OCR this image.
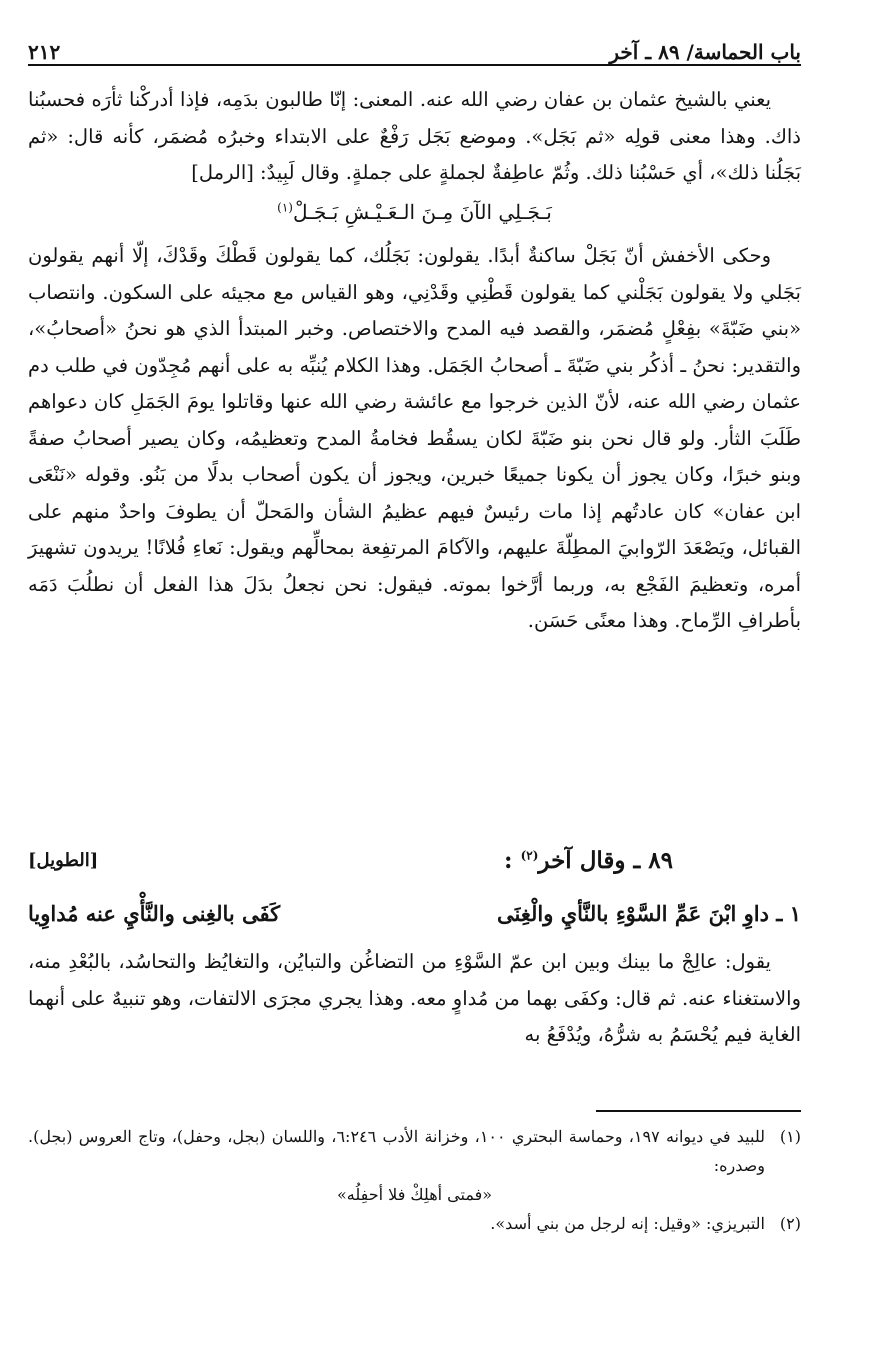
باب الحماسة/ ٨٩ ـ آخر
٢١٢

يعني بالشيخ عثمان بن عفان رضي الله عنه. المعنى: إنّا طالبون بدَمِه، فإذا أدركْنا ثأرَه فحسبُنا ذاك. وهذا معنى قولِه «ثم بَجَل». وموضع بَجَل رَفْعٌ على الابتداء وخبرُه مُضمَر، كأنه قال: «ثم بَجَلُنا ذلك»، أي حَسْبُنا ذلك. وثُمّ عاطِفةٌ لجملةٍ على جملةٍ. وقال لَبِيدٌ: [الرمل]

بَـجَـلِي الآنَ مِـنَ الـعَـيْـشِ بَـجَـلْ$^{(١)}$

وحكى الأخفش أنّ بَجَلْ ساكنةٌ أبدًا. يقولون: بَجَلُك، كما يقولون قَطْكَ وقَدْكَ، إلّا أنهم يقولون بَجَلي ولا يقولون بَجَلْني كما يقولون قَطْنِي وقَدْنِي، وهو القياس مع مجيئه على السكون. وانتصاب «بني ضَبّةَ» بفِعْلٍ مُضمَر، والقصد فيه المدح والاختصاص. وخبر المبتدأ الذي هو نحنُ «أصحابُ»، والتقدير: نحنُ ـ أذكُر بني ضَبّةَ ـ أصحابُ الجَمَل. وهذا الكلام يُنبِّه به على أنهم مُجِدّون في طلب دم عثمان رضي الله عنه، لأنّ الذين خرجوا مع عائشة رضي الله عنها وقاتلوا يومَ الجَمَلِ كان دعواهم طَلَبَ الثأر. ولو قال نحن بنو ضَبّةَ لكان يسقُط فخامةُ المدح وتعظيمُه، وكان يصير أصحابُ صفةً وبنو خبرًا، وكان يجوز أن يكونا جميعًا خبرين، ويجوز أن يكون أصحاب بدلًا من بَنُو. وقوله «نَنْعَى ابن عفان» كان عادتُهم إذا مات رئيسٌ فيهم عظيمُ الشأن والمَحلّ أن يطوفَ واحدٌ منهم على القبائل، ويَصْعَدَ الرّوابيَ المطِلّةَ عليهم، والآكامَ المرتفِعة بمحالِّهم ويقول: نَعاءِ فُلانًا! يريدون تشهيرَ أمره، وتعظيمَ الفَجْع به، وربما أرَّخوا بموته. فيقول: نحن نجعلُ بدَلَ هذا الفعل أن نطلُبَ دَمَه بأطرافِ الرِّماح. وهذا معنًى حَسَن.

٨٩ ـ وقال آخر$^{(٢)}$ :
[الطويل]
١ ـ داوِ ابْنَ عَمِّ السَّوْءِ بالنَّأيِ والْغِنَى
كَفَى بالغِنى والنَّأْيِ عنه مُداوِيا

يقول: عالِجْ ما بينك وبين ابن عمّ السَّوْءِ من التضاغُن والتبايُن، والتغايُظ والتحاسُد، بالبُعْدِ منه، والاستغناء عنه. ثم قال: وكفَى بهما من مُداوٍ معه. وهذا يجري مجرَى الالتفات، وهو تنبيهٌ على أنهما الغاية فيم يُحْسَمُ به شرُّهُ، ويُدْفَعُ به

(١)
للبيد في ديوانه ١٩٧، وحماسة البحتري ١٠٠، وخزانة الأدب ٦:٢٤٦، واللسان (بجل، وحفل)، وتاج العروس (بجل). وصدره:

«فمتى أهلِكْ فلا أحفِلُه»

(٢)
التبريزي: «وقيل: إنه لرجل من بني أسد».
